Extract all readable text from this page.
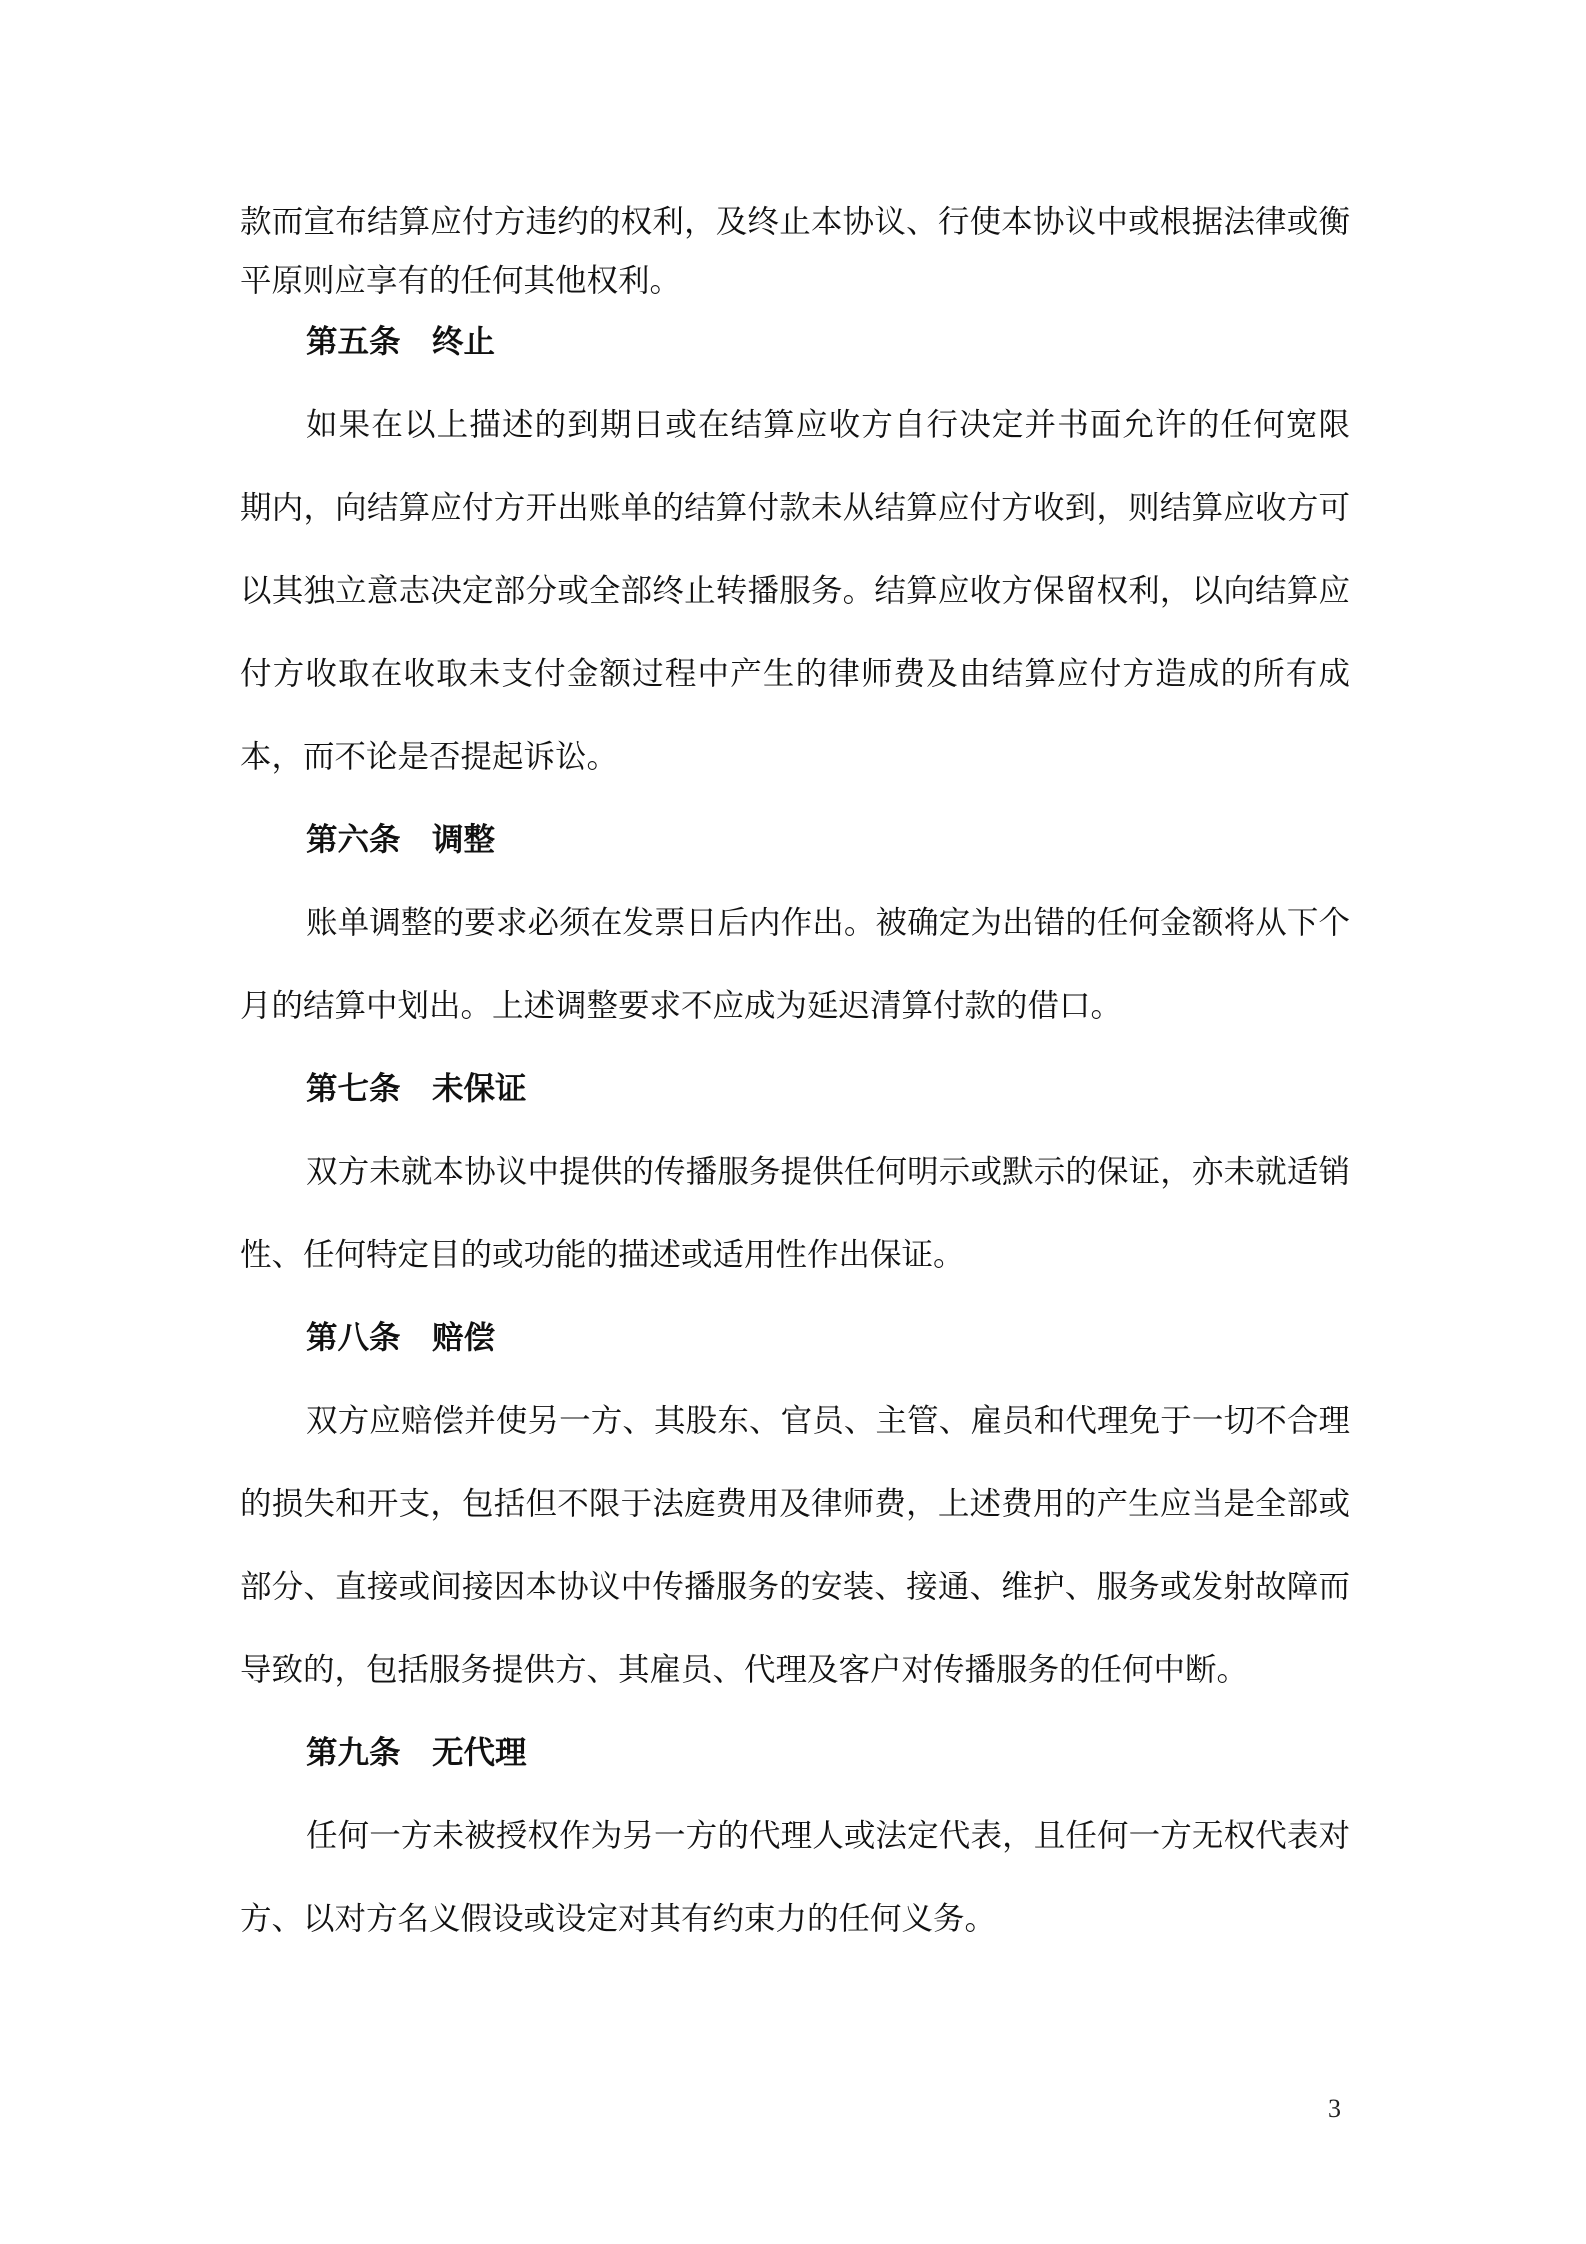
款而宣布结算应付方违约的权利，及终止本协议、行使本协议中或根据法律或衡
平原则应享有的任何其他权利。
第五条 终止
如果在以上描述的到期日或在结算应收方自行决定并书面允许的任何宽限
期内，向结算应付方开出账单的结算付款未从结算应付方收到，则结算应收方可
以其独立意志决定部分或全部终止转播服务。结算应收方保留权利，以向结算应
付方收取在收取未支付金额过程中产生的律师费及由结算应付方造成的所有成
本，而不论是否提起诉讼。
第六条 调整
账单调整的要求必须在发票日后内作出。被确定为出错的任何金额将从下个
月的结算中划出。上述调整要求不应成为延迟清算付款的借口。
第七条 未保证
双方未就本协议中提供的传播服务提供任何明示或默示的保证，亦未就适销
性、任何特定目的或功能的描述或适用性作出保证。
第八条 赔偿
双方应赔偿并使另一方、其股东、官员、主管、雇员和代理免于一切不合理
的损失和开支，包括但不限于法庭费用及律师费，上述费用的产生应当是全部或
部分、直接或间接因本协议中传播服务的安装、接通、维护、服务或发射故障而
导致的，包括服务提供方、其雇员、代理及客户对传播服务的任何中断。
第九条 无代理
任何一方未被授权作为另一方的代理人或法定代表，且任何一方无权代表对
方、以对方名义假设或设定对其有约束力的任何义务。
3
